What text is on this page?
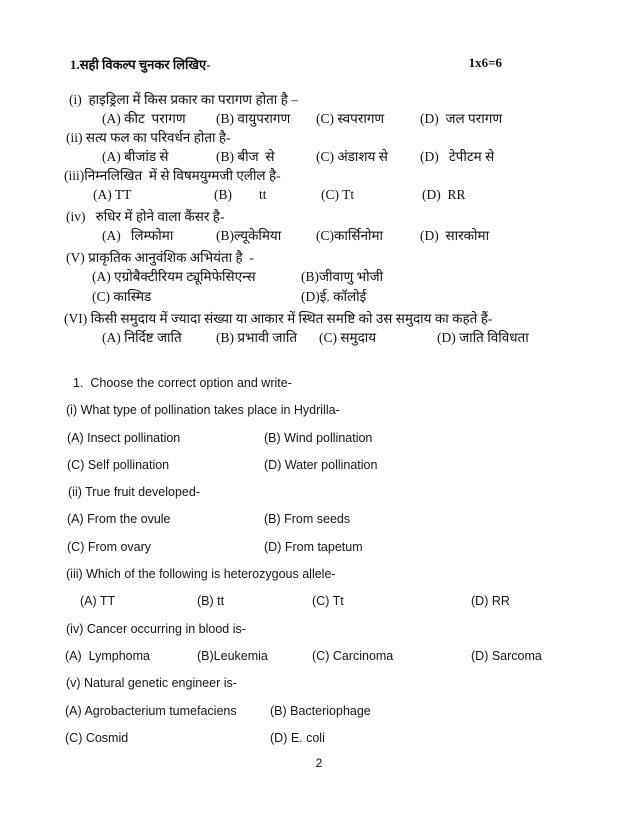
1.सही विकल्प चुनकर लिखिए-	1x6=6
(i)  हाइड्रिला में किस प्रकार का परागण होता है –
(A) कीट  परागण	(B) वायुपरागण	(C) स्वपरागण	(D)  जल परागण
(ii) सत्य फल का परिवर्धन होता है-
(A) बीजांड से	(B) बीज  से	(C) अंडाशय से	(D)   टेपीटम से
(iii)निम्नलिखित  में से विषमयुग्मजी एलील है-
(A) TT	(B)        tt	(C) Tt	(D)  RR
(iv)   रुधिर में होने वाला कैंसर है-
(A)   लिम्फोमा	(B)ल्यूकेमिया	(C)कार्सिनोमा	(D)  सारकोमा
(V) प्राकृतिक आनुवंशिक अभियंता है  -
(A) एग्रोबैक्टीरियम ट्यूमिफेसिएन्स	(B)जीवाणु भोजी
(C) कास्मिड	(D)ई. कॉलोई
(VI) किसी समुदाय में ज्यादा संख्या या आकार में स्थित समष्टि को उस समुदाय का कहते हैं-
(A) निर्दिष्ट जाति	(B) प्रभावी जाति	(C) समुदाय	(D) जाति विविधता
1.  Choose the correct option and write-
(i) What type of pollination takes place in Hydrilla-
(A) Insect pollination	(B) Wind pollination
(C) Self pollination	(D) Water pollination
(ii) True fruit developed-
(A) From the ovule	(B) From seeds
(C) From ovary	(D) From tapetum
(iii) Which of the following is heterozygous allele-
(A) TT	(B) tt	(C) Tt	(D) RR
(iv) Cancer occurring in blood is-
(A)  Lymphoma	(B)Leukemia	(C) Carcinoma	(D) Sarcoma
(v) Natural genetic engineer is-
(A) Agrobacterium tumefaciens	(B) Bacteriophage
(C) Cosmid	(D) E. coli
2
